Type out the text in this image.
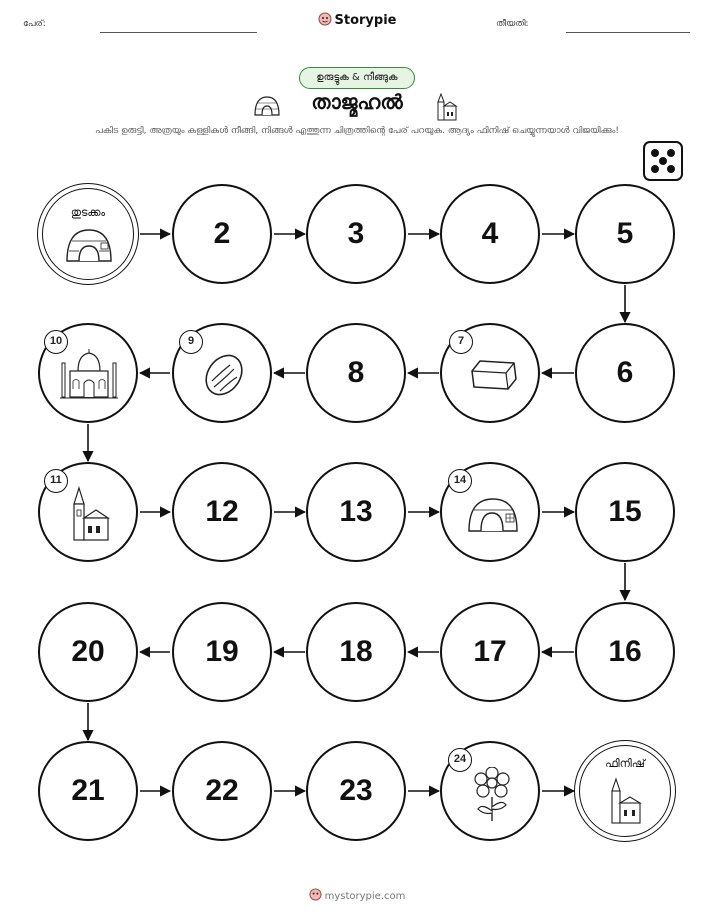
പേര്:	Storypie	തീയതി:
ഉരുട്ടുക & നീങ്ങുക
താജ്മഹൽ
പകിട ഉരുട്ടി, അത്രയും കള്ളികൾ നീങ്ങി, നിങ്ങൾ എത്തുന്ന ചിത്രത്തിന്റെ പേര് പറയുക. ആദ്യം ഫിനിഷ് ചെയ്യുന്നയാൾ വിജയിക്കും!
തുടക്കം
2	3	4	5
10	9
8
7
6
11
12	13
14
15
20	19	18	17	16
21	22	23
24	ഫിനിഷ്
mystorypie.com
